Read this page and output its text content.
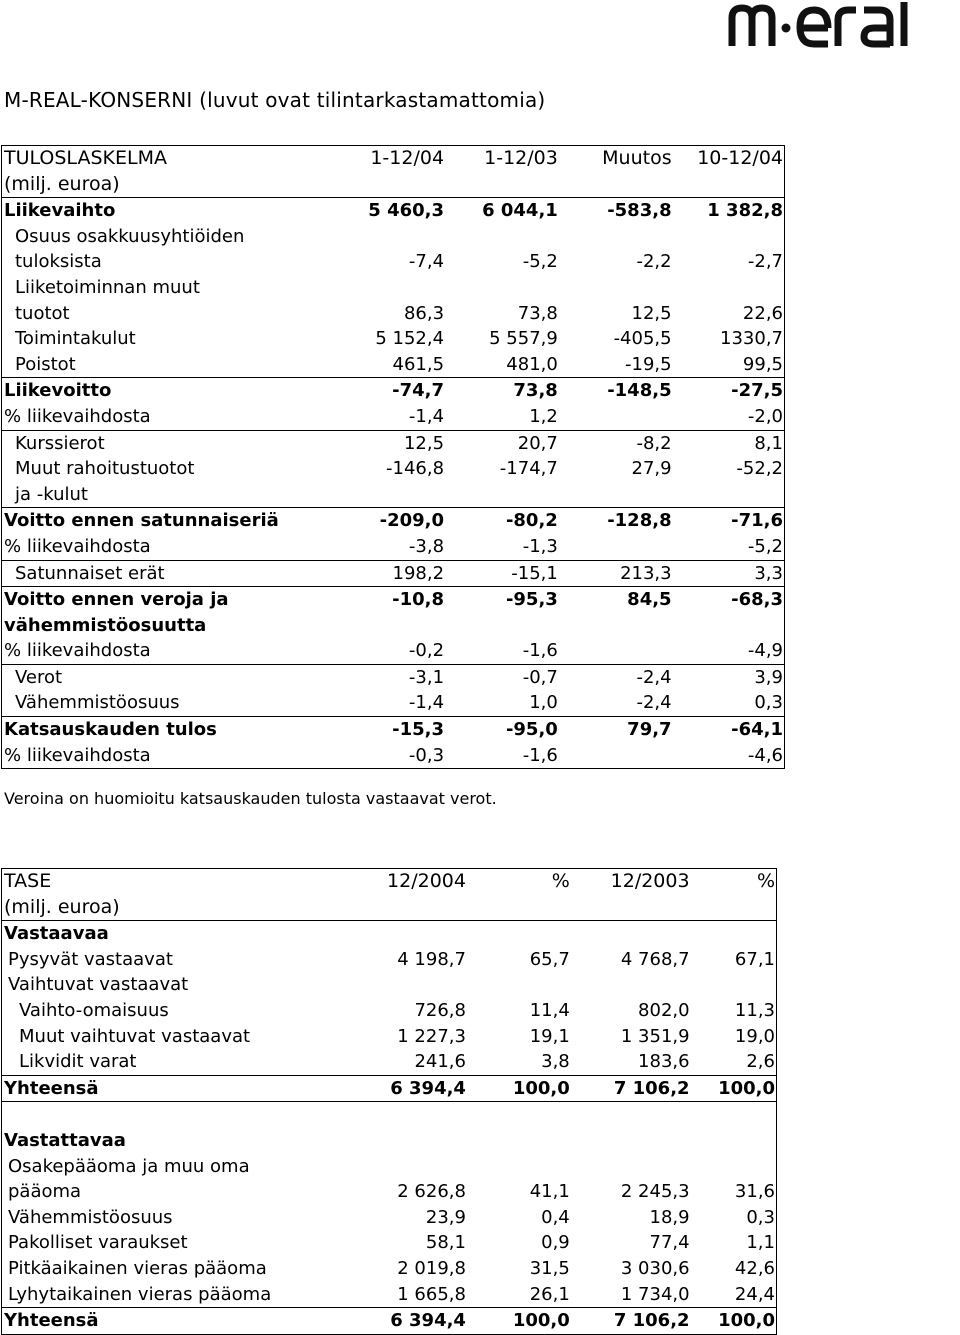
M-REAL-KONSERNI (luvut ovat tilintarkastamattomia)
TULOSLASKELMA	1-12/04	1-12/03	Muutos	10-12/04
(milj. euroa)				
Liikevaihto	5 460,3	6 044,1	-583,8	1 382,8
Osuus osakkuusyhtiöiden				
tuloksista	-7,4	-5,2	-2,2	-2,7
Liiketoiminnan muut				
tuotot	86,3	73,8	12,5	22,6
Toimintakulut	5 152,4	5 557,9	-405,5	1330,7
Poistot	461,5	481,0	-19,5	99,5
Liikevoitto	-74,7	73,8	-148,5	-27,5
% liikevaihdosta	-1,4	1,2		-2,0
Kurssierot	12,5	20,7	-8,2	8,1
Muut rahoitustuotot	-146,8	-174,7	27,9	-52,2
ja -kulut				
Voitto ennen satunnaiseriä	-209,0	-80,2	-128,8	-71,6
% liikevaihdosta	-3,8	-1,3		-5,2
Satunnaiset erät	198,2	-15,1	213,3	3,3
Voitto ennen veroja ja	-10,8	-95,3	84,5	-68,3
vähemmistöosuutta				
% liikevaihdosta	-0,2	-1,6		-4,9
Verot	-3,1	-0,7	-2,4	3,9
Vähemmistöosuus	-1,4	1,0	-2,4	0,3
Katsauskauden tulos	-15,3	-95,0	79,7	-64,1
% liikevaihdosta	-0,3	-1,6		-4,6
Veroina on huomioitu katsauskauden tulosta vastaavat verot.
TASE	12/2004	%	12/2003	%
(milj. euroa)				
Vastaavaa				
Pysyvät vastaavat	4 198,7	65,7	4 768,7	67,1
Vaihtuvat vastaavat				
Vaihto-omaisuus	726,8	11,4	802,0	11,3
Muut vaihtuvat vastaavat	1 227,3	19,1	1 351,9	19,0
Likvidit varat	241,6	3,8	183,6	2,6
Yhteensä	6 394,4	100,0	7 106,2	100,0

Vastattavaa				
Osakepääoma ja muu oma				
pääoma	2 626,8	41,1	2 245,3	31,6
Vähemmistöosuus	23,9	0,4	18,9	0,3
Pakolliset varaukset	58,1	0,9	77,4	1,1
Pitkäaikainen vieras pääoma	2 019,8	31,5	3 030,6	42,6
Lyhytaikainen vieras pääoma	1 665,8	26,1	1 734,0	24,4
Yhteensä	6 394,4	100,0	7 106,2	100,0
